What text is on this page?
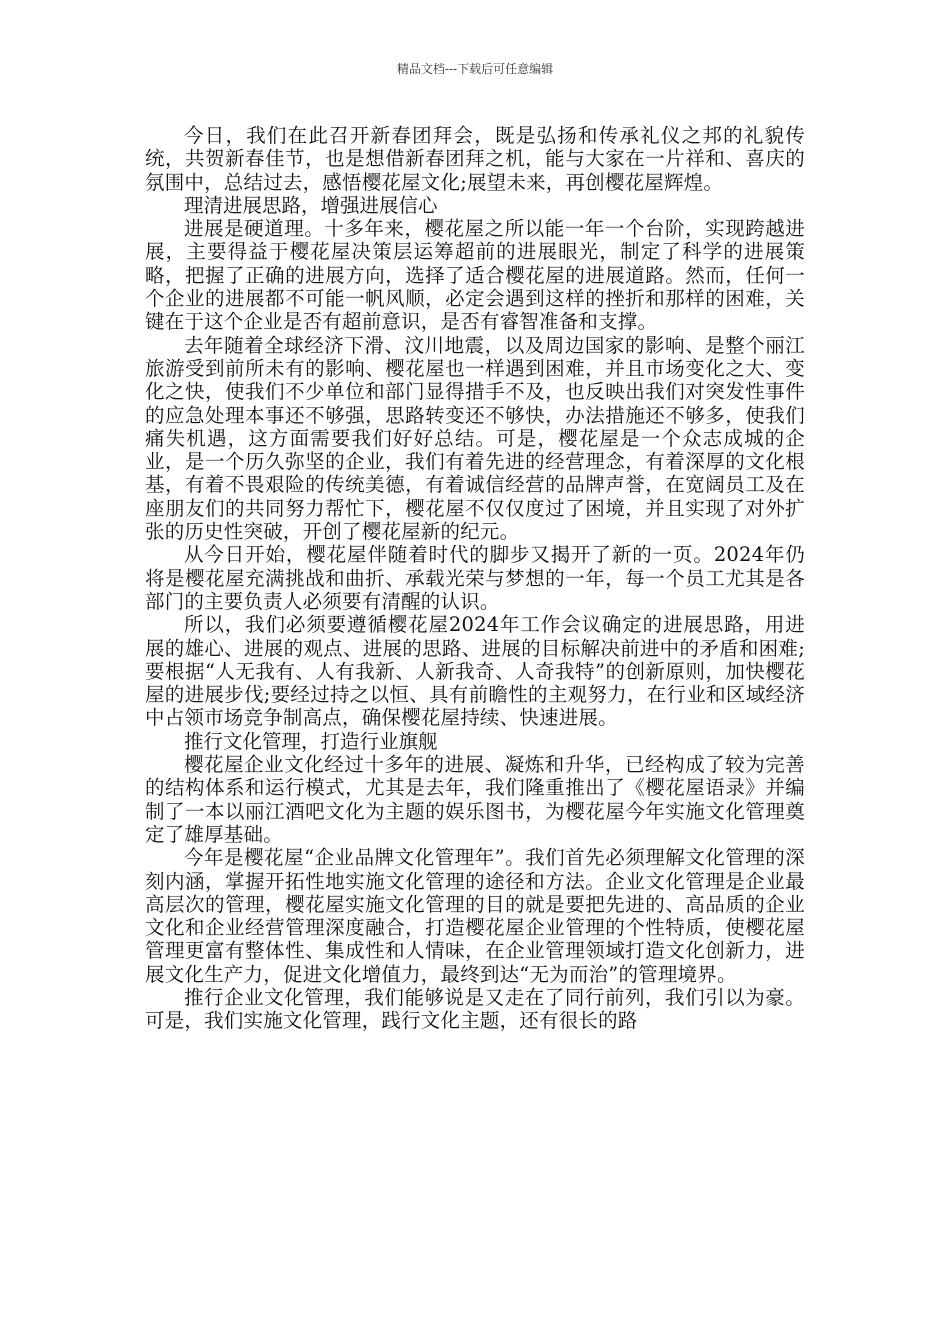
精品文档---下载后可任意编辑

今日，我们在此召开新春团拜会，既是弘扬和传承礼仪之邦的礼貌传统，共贺新春佳节，也是想借新春团拜之机，能与大家在一片祥和、喜庆的氛围中，总结过去，感悟樱花屋文化;展望未来，再创樱花屋辉煌。

理清进展思路，增强进展信心

进展是硬道理。十多年来，樱花屋之所以能一年一个台阶，实现跨越进展，主要得益于樱花屋决策层运筹超前的进展眼光，制定了科学的进展策略，把握了正确的进展方向，选择了适合樱花屋的进展道路。然而，任何一个企业的进展都不可能一帆风顺，必定会遇到这样的挫折和那样的困难，关键在于这个企业是否有超前意识，是否有睿智准备和支撑。

去年随着全球经济下滑、汶川地震，以及周边国家的影响、是整个丽江旅游受到前所未有的影响、樱花屋也一样遇到困难，并且市场变化之大、变化之快，使我们不少单位和部门显得措手不及，也反映出我们对突发性事件的应急处理本事还不够强，思路转变还不够快，办法措施还不够多，使我们痛失机遇，这方面需要我们好好总结。可是，樱花屋是一个众志成城的企业，是一个历久弥坚的企业，我们有着先进的经营理念，有着深厚的文化根基，有着不畏艰险的传统美德，有着诚信经营的品牌声誉，在宽阔员工及在座朋友们的共同努力帮忙下，樱花屋不仅仅度过了困境，并且实现了对外扩张的历史性突破，开创了樱花屋新的纪元。

从今日开始，樱花屋伴随着时代的脚步又揭开了新的一页。2024年仍将是樱花屋充满挑战和曲折、承载光荣与梦想的一年，每一个员工尤其是各部门的主要负责人必须要有清醒的认识。

所以，我们必须要遵循樱花屋2024年工作会议确定的进展思路，用进展的雄心、进展的观点、进展的思路、进展的目标解决前进中的矛盾和困难;要根据“人无我有、人有我新、人新我奇、人奇我特”的创新原则，加快樱花屋的进展步伐;要经过持之以恒、具有前瞻性的主观努力，在行业和区域经济中占领市场竞争制高点，确保樱花屋持续、快速进展。

推行文化管理，打造行业旗舰

樱花屋企业文化经过十多年的进展、凝炼和升华，已经构成了较为完善的结构体系和运行模式，尤其是去年，我们隆重推出了《樱花屋语录》并编制了一本以丽江酒吧文化为主题的娱乐图书，为樱花屋今年实施文化管理奠定了雄厚基础。

今年是樱花屋“企业品牌文化管理年”。我们首先必须理解文化管理的深刻内涵，掌握开拓性地实施文化管理的途径和方法。企业文化管理是企业最高层次的管理，樱花屋实施文化管理的目的就是要把先进的、高品质的企业文化和企业经营管理深度融合，打造樱花屋企业管理的个性特质，使樱花屋管理更富有整体性、集成性和人情味，在企业管理领域打造文化创新力，进展文化生产力，促进文化增值力，最终到达“无为而治”的管理境界。

推行企业文化管理，我们能够说是又走在了同行前列，我们引以为豪。可是，我们实施文化管理，践行文化主题，还有很长的路
